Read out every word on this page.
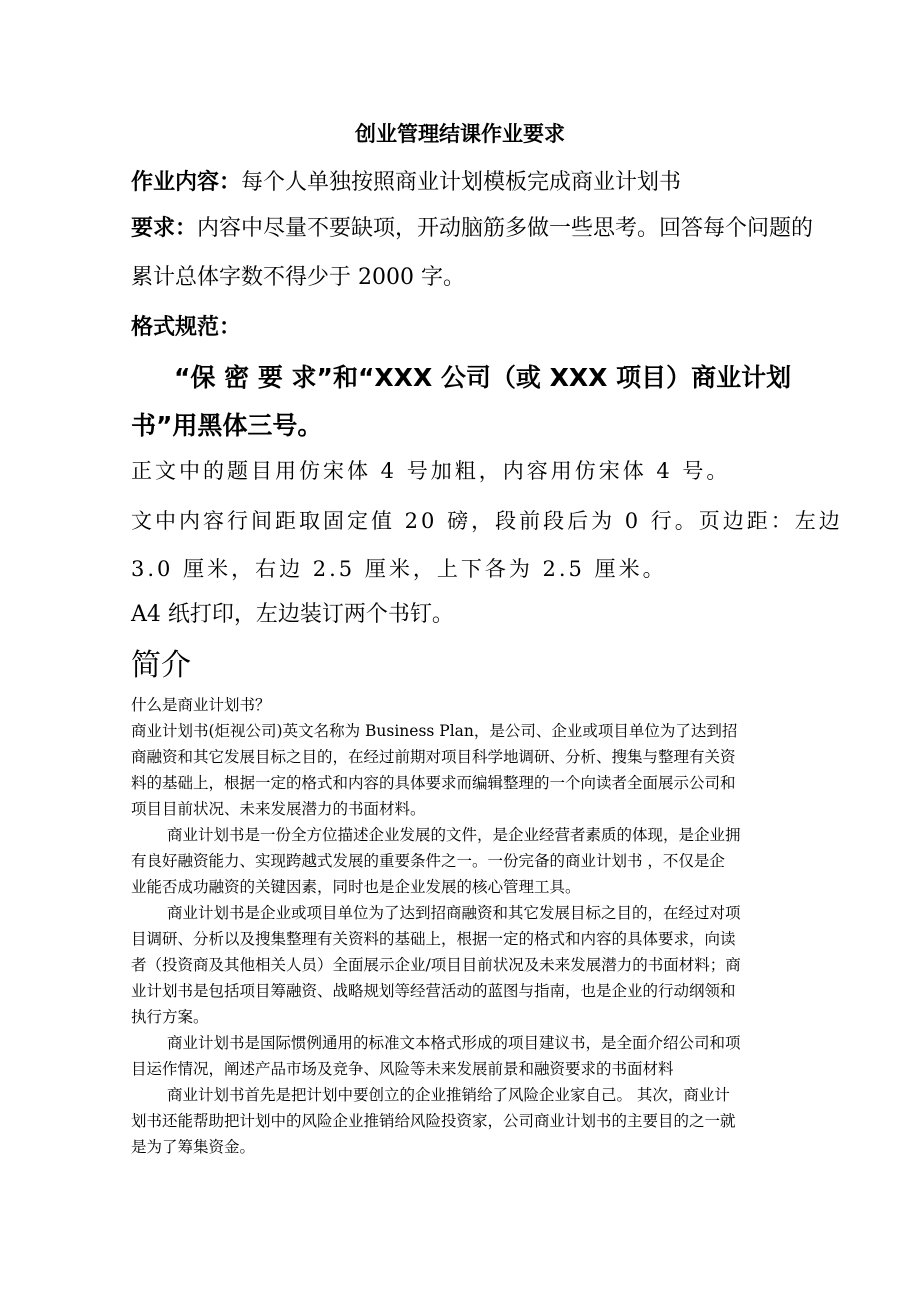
创业管理结课作业要求
作业内容：每个人单独按照商业计划模板完成商业计划书
要求：内容中尽量不要缺项，开动脑筋多做一些思考。回答每个问题的
累计总体字数不得少于 2000 字。
格式规范：
“保 密 要 求”和“XXX 公司（或 XXX 项目）商业计划
书”用黑体三号。
正文中的题目用仿宋体 4 号加粗，内容用仿宋体 4 号。
文中内容行间距取固定值 20 磅，段前段后为 0 行。页边距：左边
3.0 厘米，右边 2.5 厘米，上下各为 2.5 厘米。
A4 纸打印，左边装订两个书钉。
简介

什么是商业计划书？

商业计划书(炬视公司)英文名称为 Business Plan，是公司、企业或项目单位为了达到招
商融资和其它发展目标之目的，在经过前期对项目科学地调研、分析、搜集与整理有关资
料的基础上，根据一定的格式和内容的具体要求而编辑整理的一个向读者全面展示公司和
项目目前状况、未来发展潜力的书面材料。

商业计划书是一份全方位描述企业发展的文件，是企业经营者素质的体现，是企业拥
有良好融资能力、实现跨越式发展的重要条件之一。一份完备的商业计划书 ，不仅是企
业能否成功融资的关键因素，同时也是企业发展的核心管理工具。

商业计划书是企业或项目单位为了达到招商融资和其它发展目标之目的，在经过对项
目调研、分析以及搜集整理有关资料的基础上，根据一定的格式和内容的具体要求，向读
者（投资商及其他相关人员）全面展示企业/项目目前状况及未来发展潜力的书面材料；商
业计划书是包括项目筹融资、战略规划等经营活动的蓝图与指南，也是企业的行动纲领和
执行方案。

商业计划书是国际惯例通用的标准文本格式形成的项目建议书，是全面介绍公司和项
目运作情况，阐述产品市场及竞争、风险等未来发展前景和融资要求的书面材料

商业计划书首先是把计划中要创立的企业推销给了风险企业家自己。 其次，商业计
划书还能帮助把计划中的风险企业推销给风险投资家，公司商业计划书的主要目的之一就
是为了筹集资金。
